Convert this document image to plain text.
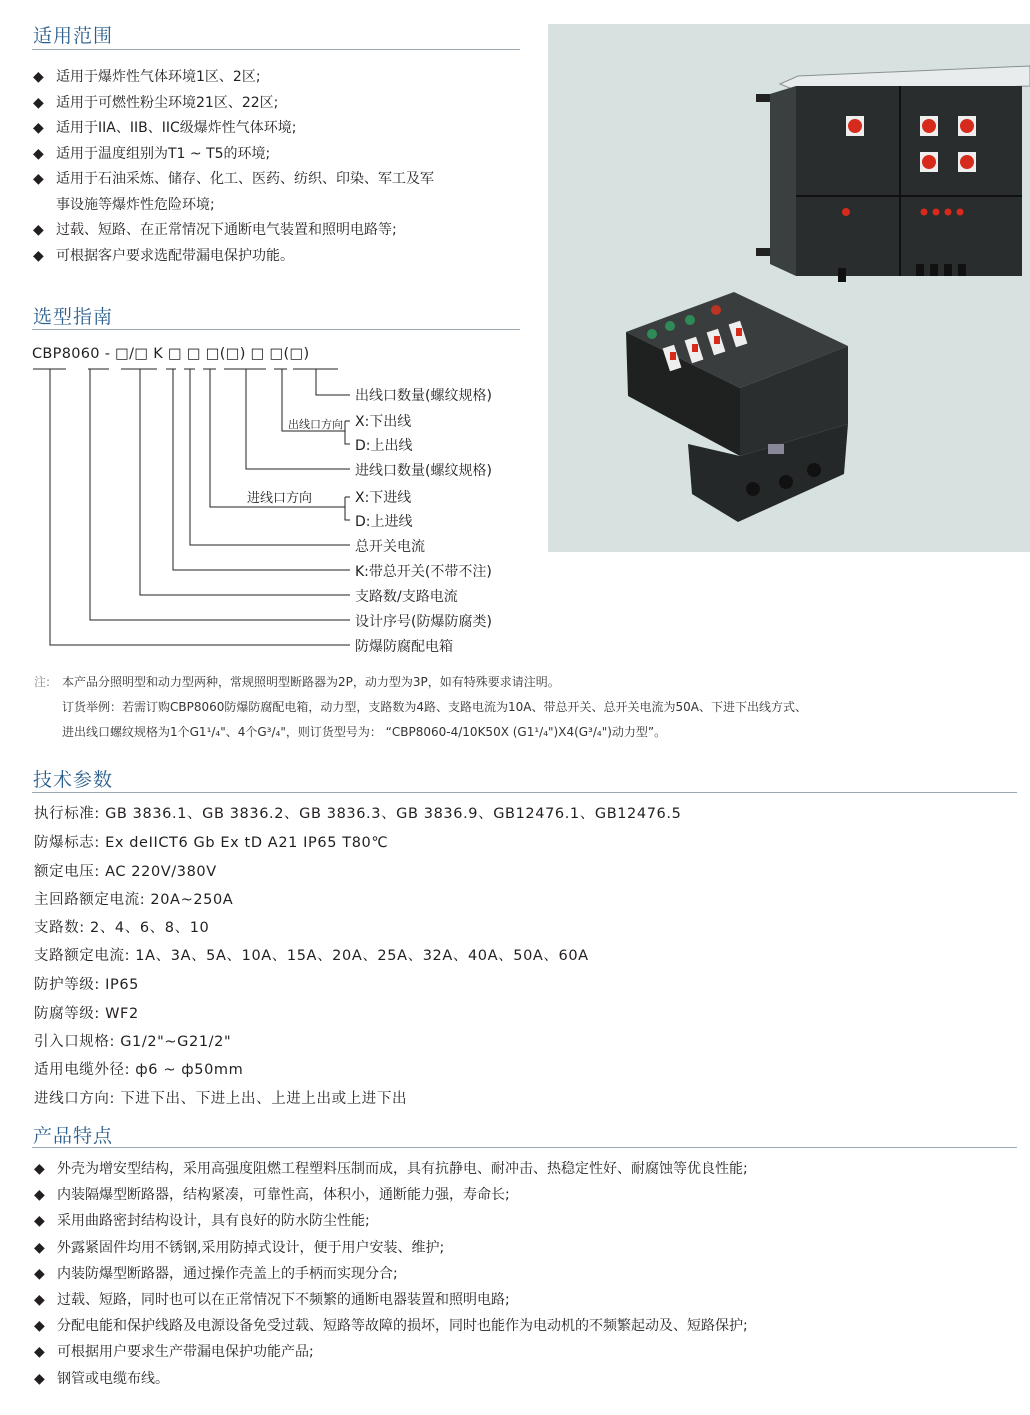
适用范围
◆ 适用于爆炸性气体环境1区、2区;
◆ 适用于可燃性粉尘环境21区、22区;
◆ 适用于IIA、IIB、IIC级爆炸性气体环境;
◆ 适用于温度组别为T1 ~ T5的环境;
◆ 适用于石油采炼、储存、化工、医药、纺织、印染、军工及军
事设施等爆炸性危险环境;
◆ 过载、短路、在正常情况下通断电气装置和照明电路等;
◆ 可根据客户要求选配带漏电保护功能。
选型指南
CBP8060 - □/□ K □ □ □(□) □ □(□)
出线口数量(螺纹规格)
出线口方向 X:下出线
D:上出线
进线口数量(螺纹规格)
进线口方向	X:下进线
D:上进线
总开关电流
K:带总开关(不带不注)
支路数/支路电流
设计序号(防爆防腐类)
防爆防腐配电箱
注: 本产品分照明型和动力型两种，常规照明型断路器为2P，动力型为3P，如有特殊要求请注明。
订货举例：若需订购CBP8060防爆防腐配电箱，动力型，支路数为4路、支路电流为10A、带总开关、总开关电流为50A、下进下出线方式、
进出线口螺纹规格为1个G1¹/₄"、4个G³/₄"，则订货型号为： “CBP8060-4/10K50X (G1¹/₄")X4(G³/₄")动力型”。
技术参数
执行标准: GB 3836.1、GB 3836.2、GB 3836.3、GB 3836.9、GB12476.1、GB12476.5
防爆标志: Ex deIICT6 Gb Ex tD A21 IP65 T80℃
额定电压: AC 220V/380V
主回路额定电流: 20A~250A
支路数: 2、4、6、8、10
支路额定电流: 1A、3A、5A、10A、15A、20A、25A、32A、40A、50A、60A
防护等级: IP65
防腐等级: WF2
引入口规格: G1/2"~G21/2"
适用电缆外径: ф6 ~ ф50mm
进线口方向: 下进下出、下进上出、上进上出或上进下出
产品特点
◆ 外壳为增安型结构，采用高强度阻燃工程塑料压制而成，具有抗静电、耐冲击、热稳定性好、耐腐蚀等优良性能;
◆ 内装隔爆型断路器，结构紧凑，可靠性高，体积小，通断能力强，寿命长;
◆ 采用曲路密封结构设计，具有良好的防水防尘性能;
◆ 外露紧固件均用不锈钢,采用防掉式设计，便于用户安装、维护;
◆ 内装防爆型断路器，通过操作壳盖上的手柄而实现分合;
◆ 过载、短路，同时也可以在正常情况下不频繁的通断电器装置和照明电路;
◆ 分配电能和保护线路及电源设备免受过载、短路等故障的损坏，同时也能作为电动机的不频繁起动及、短路保护;
◆ 可根据用户要求生产带漏电保护功能产品;
◆ 钢管或电缆布线。
